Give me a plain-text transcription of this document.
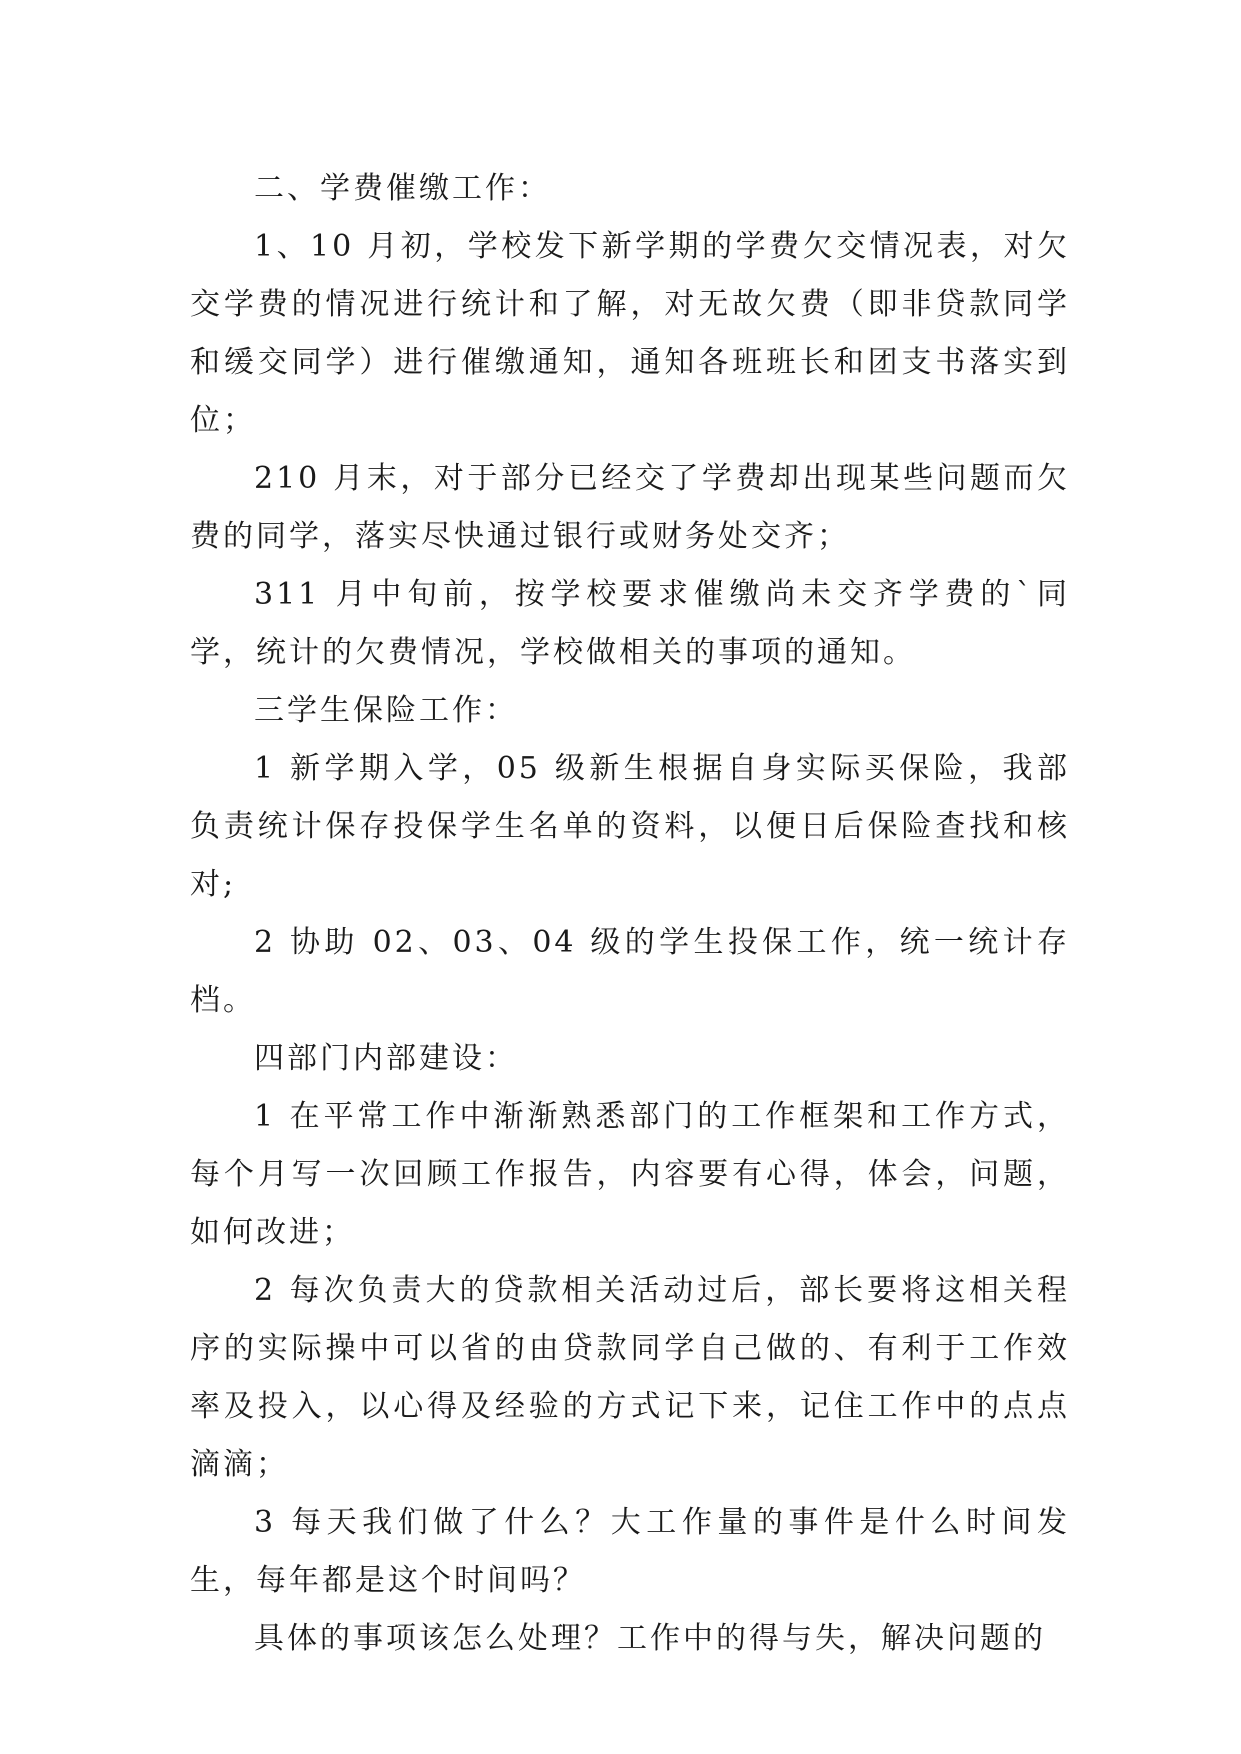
二、学费催缴工作：

1、10 月初，学校发下新学期的学费欠交情况表，对欠交学费的情况进行统计和了解，对无故欠费（即非贷款同学和缓交同学）进行催缴通知，通知各班班长和团支书落实到位；

210 月末，对于部分已经交了学费却出现某些问题而欠费的同学，落实尽快通过银行或财务处交齐；

311 月中旬前，按学校要求催缴尚未交齐学费的`同学，统计的欠费情况，学校做相关的事项的通知。

三学生保险工作：

1 新学期入学，05 级新生根据自身实际买保险，我部负责统计保存投保学生名单的资料，以便日后保险查找和核对;

2 协助 02、03、04 级的学生投保工作，统一统计存档。

四部门内部建设：

1 在平常工作中渐渐熟悉部门的工作框架和工作方式，每个月写一次回顾工作报告，内容要有心得，体会，问题，如何改进；

2 每次负责大的贷款相关活动过后，部长要将这相关程序的实际操中可以省的由贷款同学自己做的、有利于工作效率及投入，以心得及经验的方式记下来，记住工作中的点点滴滴；

3 每天我们做了什么？大工作量的事件是什么时间发生，每年都是这个时间吗？

具体的事项该怎么处理？工作中的得与失，解决问题的
